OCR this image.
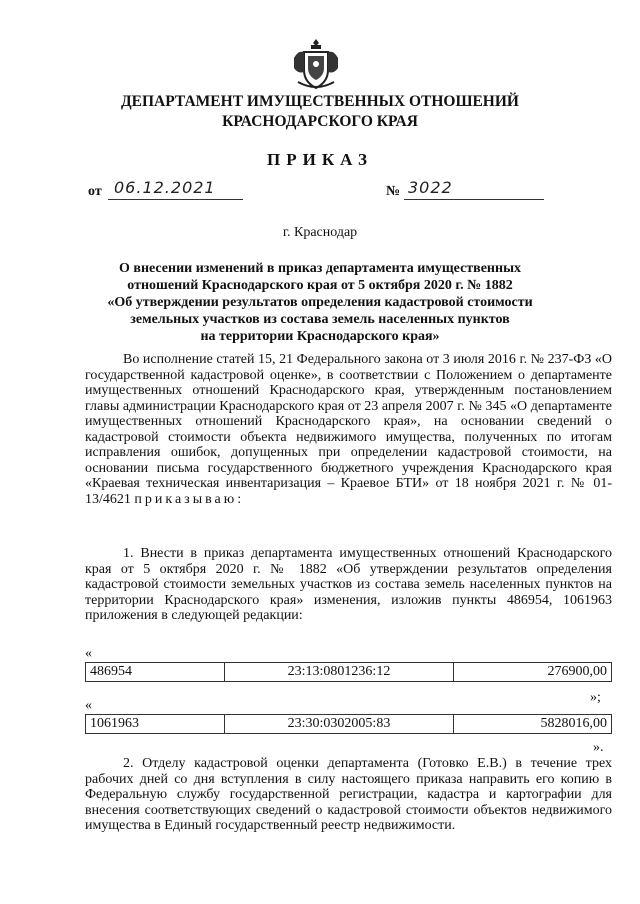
ДЕПАРТАМЕНТ ИМУЩЕСТВЕННЫХ ОТНОШЕНИЙ
КРАСНОДАРСКОГО КРАЯ
ПРИКАЗ
от 06.12.2021	№ 3022
г. Краснодар
О внесении изменений в приказ департамента имущественных
отношений Краснодарского края от 5 октября 2020 г. № 1882
«Об утверждении результатов определения кадастровой стоимости
земельных участков из состава земель населенных пунктов
на территории Краснодарского края»
Во исполнение статей 15, 21 Федерального закона от 3 июля 2016 г. № 237-ФЗ «О государственной кадастровой оценке», в соответствии с Положением о департаменте имущественных отношений Краснодарского края, утвержденным постановлением главы администрации Краснодарского края от 23 апреля 2007 г. № 345 «О департаменте имущественных отношений Краснодарского края», на основании сведений о кадастровой стоимости объекта недвижимого имущества, полученных по итогам исправления ошибок, допущенных при определении кадастровой стоимости, на основании письма государственного бюджетного учреждения Краснодарского края «Краевая техническая инвентаризация – Краевое БТИ» от 18 ноября 2021 г. № 01-13/4621 приказываю:
1. Внести в приказ департамента имущественных отношений Краснодарского края от 5 октября 2020 г. № 1882 «Об утверждении результатов определения кадастровой стоимости земельных участков из состава земель населенных пунктов на территории Краснодарского края» изменения, изложив пункты 486954, 1061963 приложения в следующей редакции:
«
486954	23:13:0801236:12	276900,00
»;
«
1061963	23:30:0302005:83	5828016,00
».
2. Отделу кадастровой оценки департамента (Готовко Е.В.) в течение трех рабочих дней со дня вступления в силу настоящего приказа направить его копию в Федеральную службу государственной регистрации, кадастра и картографии для внесения соответствующих сведений о кадастровой стоимости объектов недвижимого имущества в Единый государственный реестр недвижимости.
